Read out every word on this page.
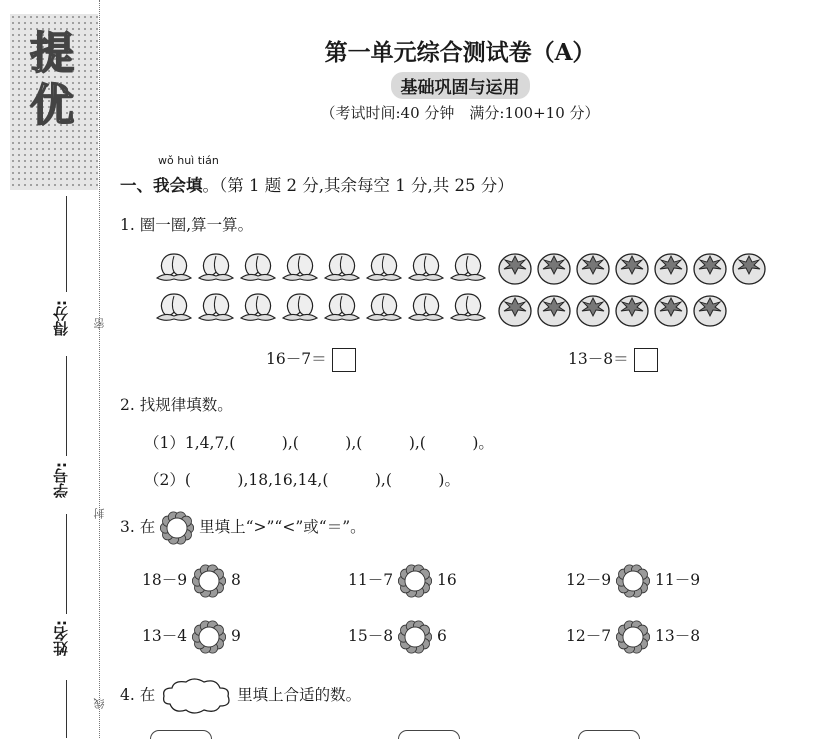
提优
得分:
学号:
姓名:
密
封
线
第一单元综合测试卷（A）
基础巩固与运用
（考试时间:40 分钟　满分:100+10 分）
wǒ huì tián
一、我会填。（第 1 题 2 分,其余每空 1 分,共 25 分）
1. 圈一圈,算一算。
16－7＝	13－8＝
2. 找规律填数。
（1）1,4,7,(　　　),(　　　),(　　　),(　　　)。
（2）(　　　),18,16,14,(　　　),(　　　)。
3. 在	里填上“>”“<”或“＝”。
18－9	8	11－7	16	12－9	11－9
13－4	9	15－8	6	12－7	13－8
4. 在	里填上合适的数。
